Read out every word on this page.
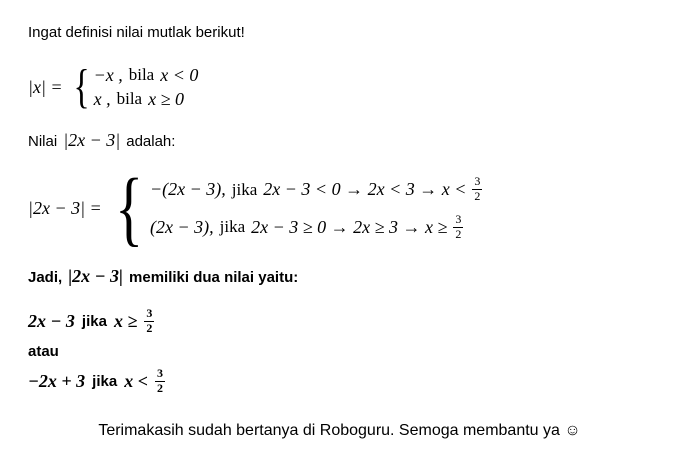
Ingat definisi nilai mutlak berikut!

|x| = { −x , bila x < 0
x , bila x ≥ 0
Nilai |2x − 3| adalah:
|2x − 3| = { −(2x − 3), jika $2x - 3 < 0 \to 2x < 3 \to x < \frac{3}{2}$
(2x − 3), jika $2x - 3 \ge 0 \to 2x \ge 3 \to x \ge \frac{3}{2}$
Jadi, |2x − 3| memiliki dua nilai yaitu:
2x − 3 jika $x \ge \frac{3}{2}$
atau
−2x + 3 jika $x < \frac{3}{2}$
Terimakasih sudah bertanya di Roboguru. Semoga membantu ya ☺
